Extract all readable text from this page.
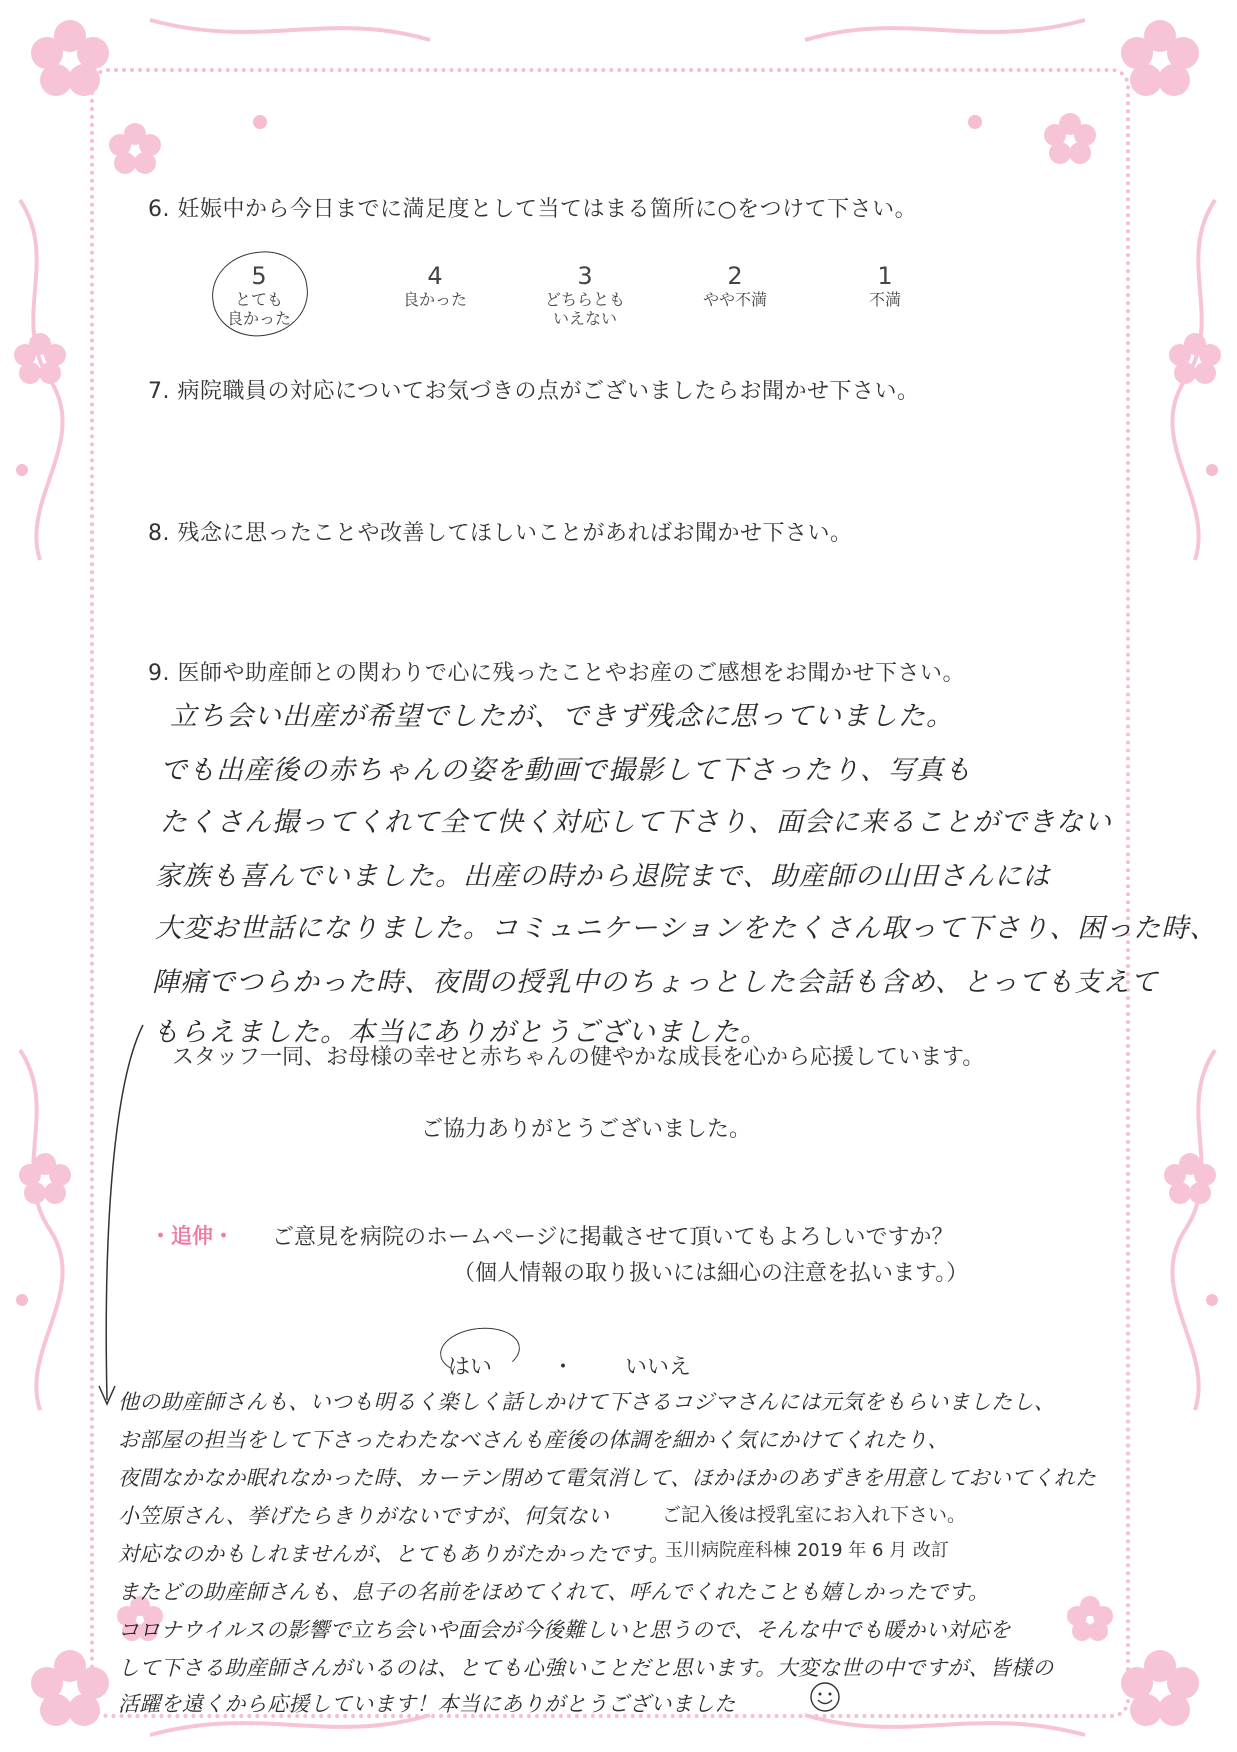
6. 妊娠中から今日までに満足度として当てはまる箇所に○をつけて下さい。
5
とても
良かった
4
良かった
3
どちらとも
いえない
2
やや不満
1
不満
7. 病院職員の対応についてお気づきの点がございましたらお聞かせ下さい。
8. 残念に思ったことや改善してほしいことがあればお聞かせ下さい。
9. 医師や助産師との関わりで心に残ったことやお産のご感想をお聞かせ下さい。
立ち会い出産が希望でしたが、できず残念に思っていました。
でも出産後の赤ちゃんの姿を動画で撮影して下さったり、写真も
たくさん撮ってくれて全て快く対応して下さり、面会に来ることができない
家族も喜んでいました。出産の時から退院まで、助産師の山田さんには
大変お世話になりました。コミュニケーションをたくさん取って下さり、困った時、
陣痛でつらかった時、夜間の授乳中のちょっとした会話も含め、とっても支えて
もらえました。本当にありがとうございました。
スタッフ一同、お母様の幸せと赤ちゃんの健やかな成長を心から応援しています。
ご協力ありがとうございました。
・追伸・ ご意見を病院のホームページに掲載させて頂いてもよろしいですか？
（個人情報の取り扱いには細心の注意を払います。）
はい	・ いいえ
他の助産師さんも、いつも明るく楽しく話しかけて下さるコジマさんには元気をもらいましたし、
お部屋の担当をして下さったわたなべさんも産後の体調を細かく気にかけてくれたり、
夜間なかなか眠れなかった時、カーテン閉めて電気消して、ほかほかのあずきを用意しておいてくれた
小笠原さん、挙げたらきりがないですが、何気ない
対応なのかもしれませんが、とてもありがたかったです。
またどの助産師さんも、息子の名前をほめてくれて、呼んでくれたことも嬉しかったです。
コロナウイルスの影響で立ち会いや面会が今後難しいと思うので、そんな中でも暖かい対応を
して下さる助産師さんがいるのは、とても心強いことだと思います。大変な世の中ですが、皆様の
活躍を遠くから応援しています！本当にありがとうございました
ご記入後は授乳室にお入れ下さい。
玉川病院産科棟 2019 年 6 月 改訂
